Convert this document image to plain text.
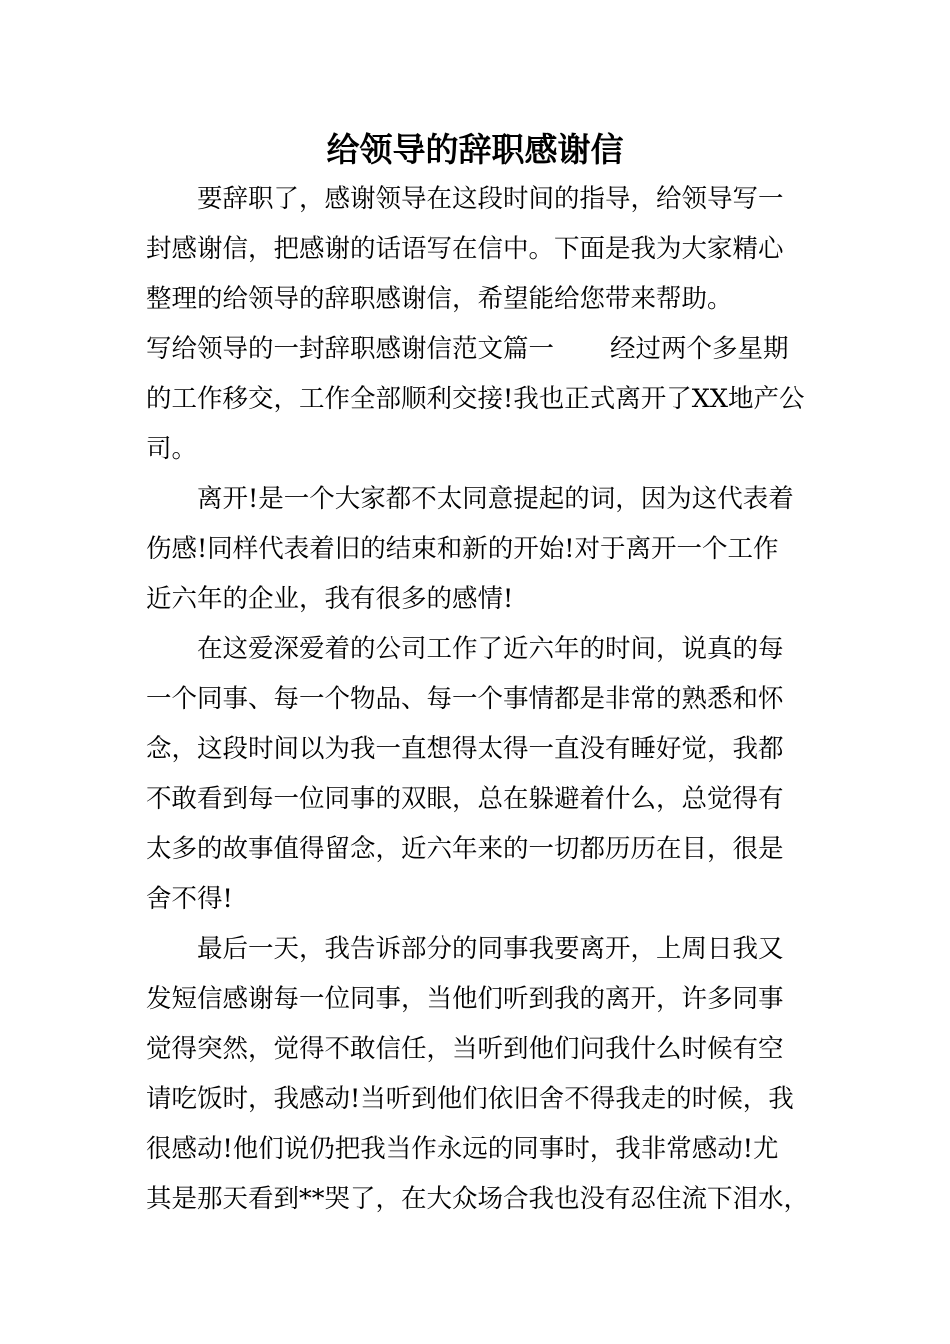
给领导的辞职感谢信
要辞职了，感谢领导在这段时间的指导，给领导写一
封感谢信，把感谢的话语写在信中。下面是我为大家精心
整理的给领导的辞职感谢信，希望能给您带来帮助。
写给领导的一封辞职感谢信范文篇一 经过两个多星期
的工作移交，工作全部顺利交接!我也正式离开了XX地产公
司。
离开!是一个大家都不太同意提起的词，因为这代表着
伤感!同样代表着旧的结束和新的开始!对于离开一个工作
近六年的企业，我有很多的感情!
在这爱深爱着的公司工作了近六年的时间，说真的每
一个同事、每一个物品、每一个事情都是非常的熟悉和怀
念，这段时间以为我一直想得太得一直没有睡好觉，我都
不敢看到每一位同事的双眼，总在躲避着什么，总觉得有
太多的故事值得留念，近六年来的一切都历历在目，很是
舍不得!
最后一天，我告诉部分的同事我要离开，上周日我又
发短信感谢每一位同事，当他们听到我的离开，许多同事
觉得突然，觉得不敢信任，当听到他们问我什么时候有空
请吃饭时，我感动!当听到他们依旧舍不得我走的时候，我
很感动!他们说仍把我当作永远的同事时，我非常感动!尤
其是那天看到**哭了，在大众场合我也没有忍住流下泪水，
